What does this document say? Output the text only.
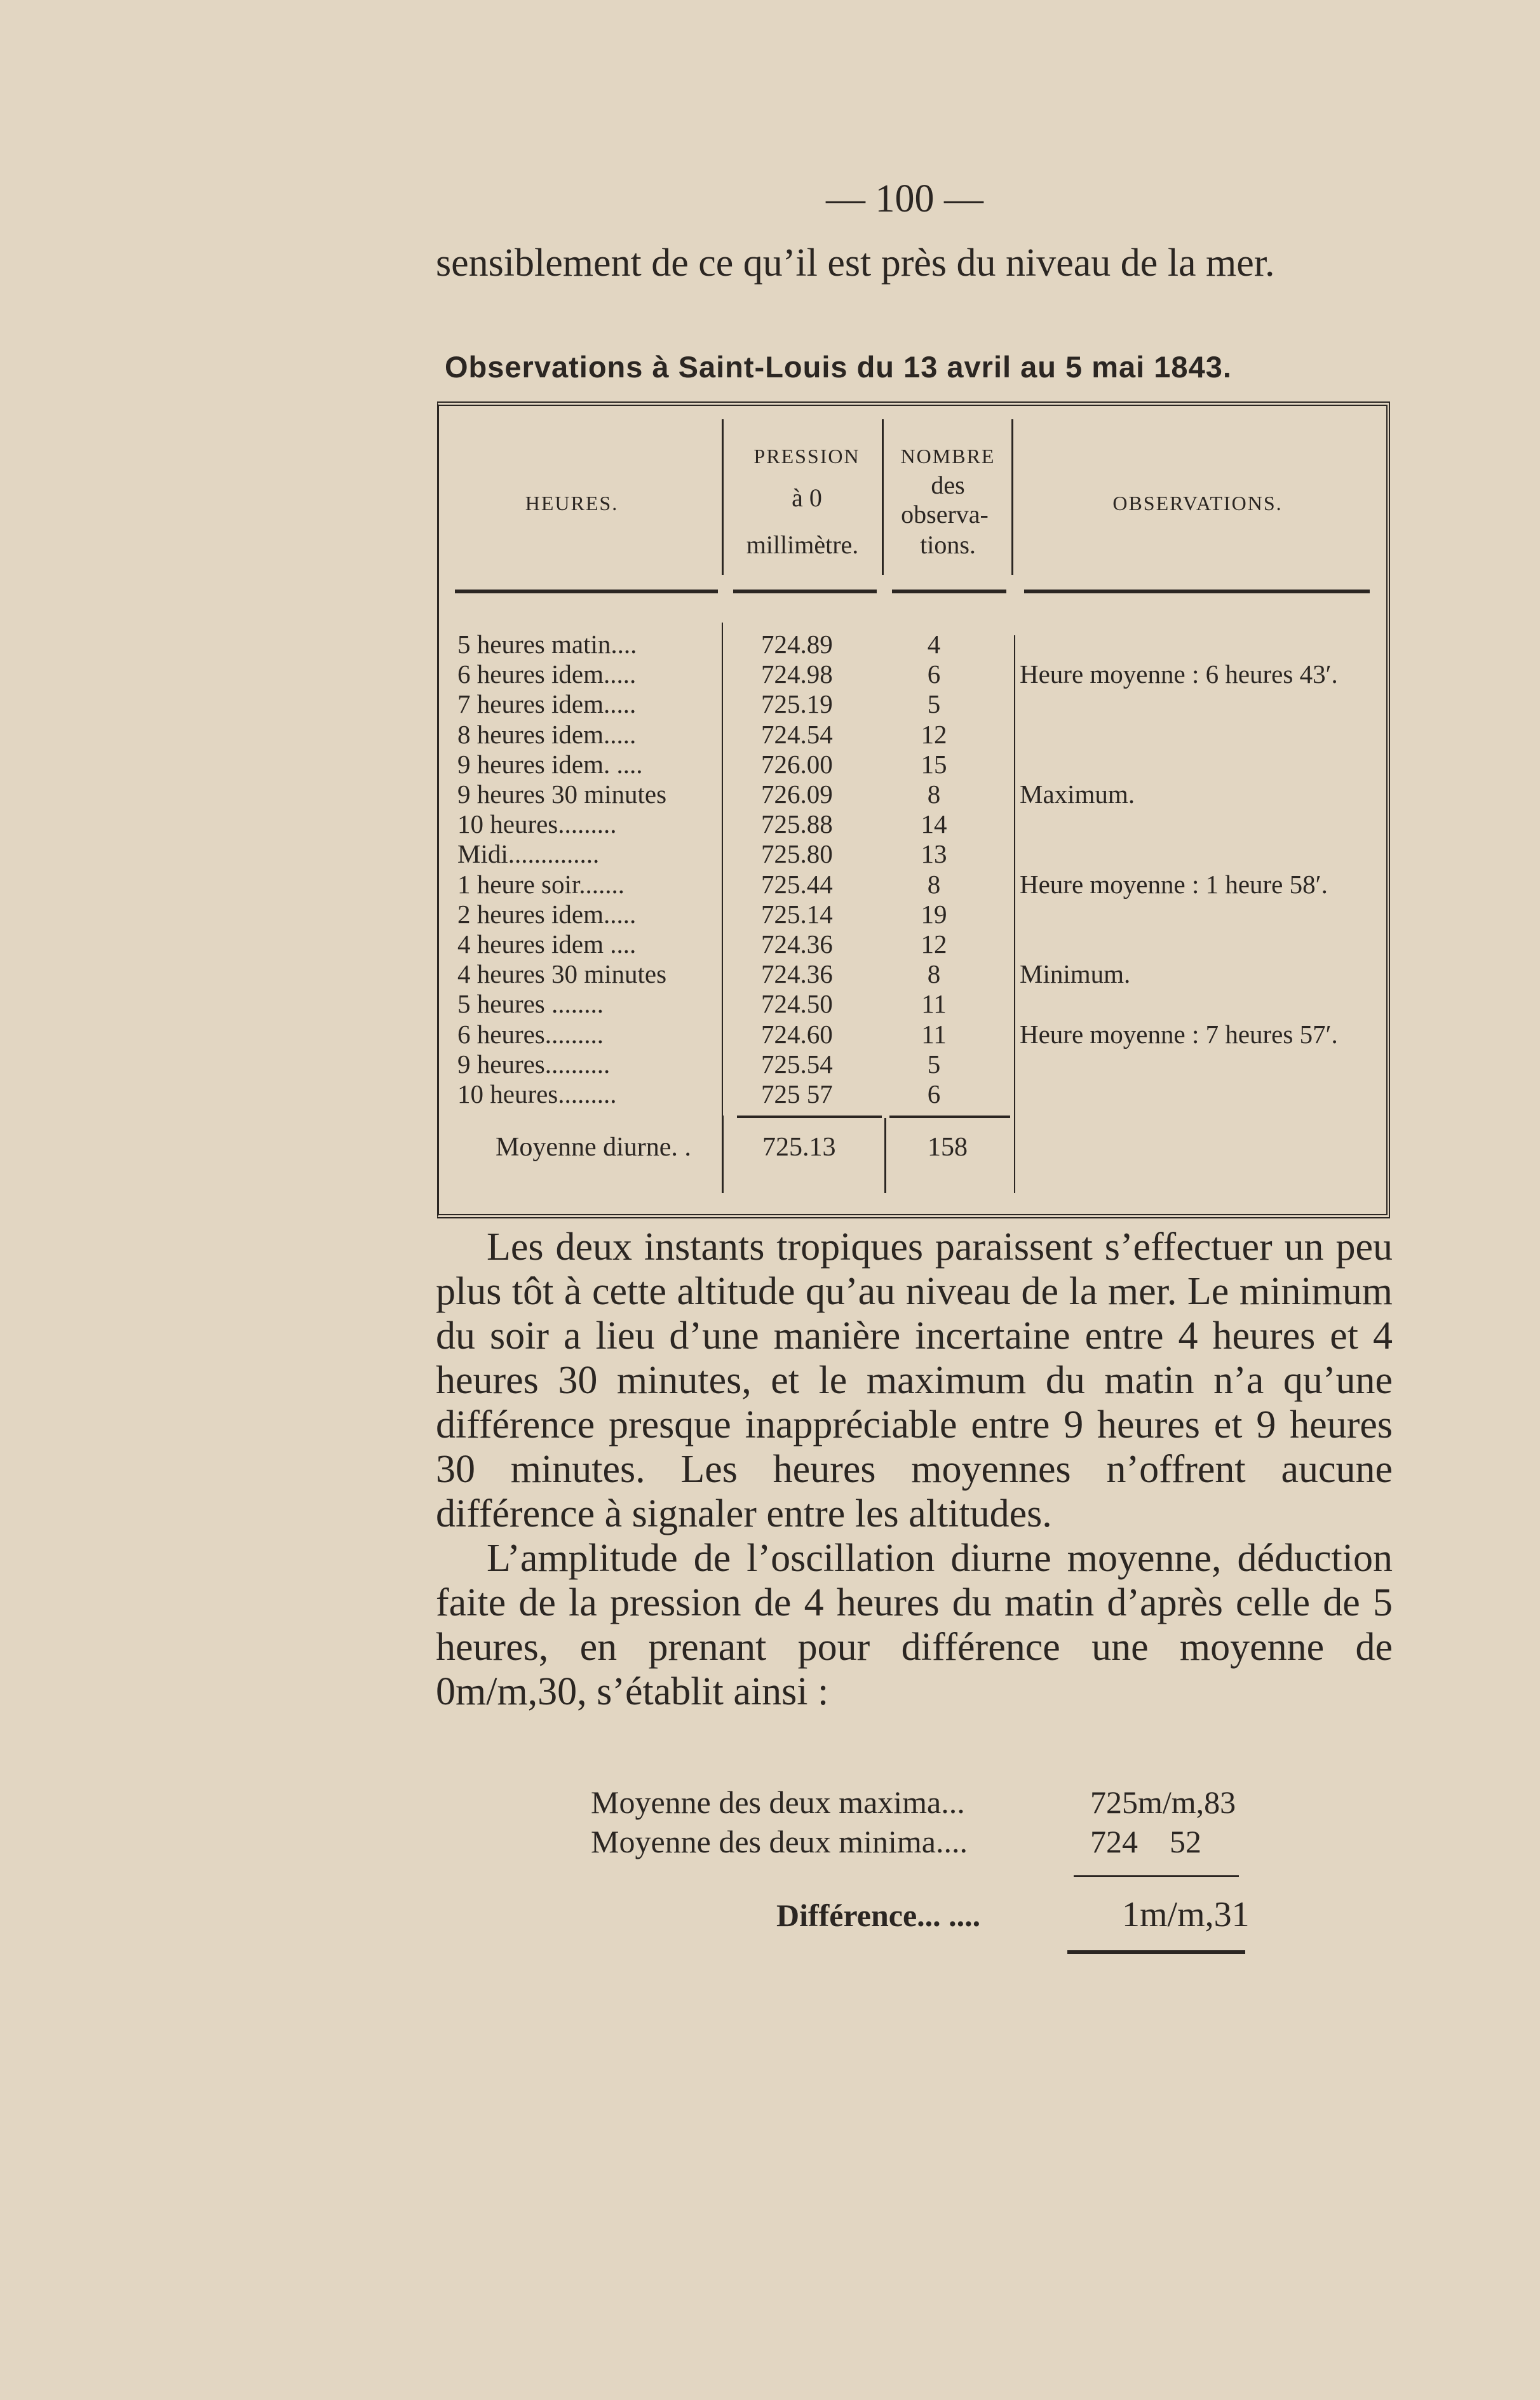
— 100 —
sensiblement de ce qu’il est près du niveau de la mer.
Observations à Saint-Louis du 13 avril au 5 mai 1843.
HEURES.
PRESSION
à 0
millimètre.
NOMBRE
des
observa-
tions.
OBSERVATIONS.
5 heures matin....	724.89	4
6 heures idem.....	724.98	6	Heure moyenne : 6 heures 43′.
7 heures idem.....	725.19	5
8 heures idem.....	724.54	12
9 heures idem. ....	726.00	15
9 heures 30 minutes	726.09	8	Maximum.
10 heures.........	725.88	14
Midi..............	725.80	13
1 heure soir.......	725.44	8	Heure moyenne : 1 heure 58′.
2 heures idem.....	725.14	19
4 heures idem ....	724.36	12
4 heures 30 minutes	724.36	8	Minimum.
5 heures ........	724.50	11
6 heures.........	724.60	11	Heure moyenne : 7 heures 57′.
9 heures..........	725.54	5
10 heures.........	725 57	6
Moyenne diurne. .	725.13	158

Les deux instants tropiques paraissent s’effectuer un peu plus tôt à cette altitude qu’au niveau de la mer. Le minimum du soir a lieu d’une manière incertaine entre 4 heures et 4 heures 30 minutes, et le maximum du matin n’a qu’une différence presque inappréciable entre 9 heures et 9 heures 30 minutes. Les heures moyennes n’offrent aucune différence à signaler entre les altitudes.

L’amplitude de l’oscillation diurne moyenne, déduction faite de la pression de 4 heures du matin d’après celle de 5 heures, en prenant pour différence une moyenne de 0m/m,30, s’établit ainsi :

Moyenne des deux maxima...	725m/m,83
Moyenne des deux minima....	724    52
Différence... ....	1m/m,31
